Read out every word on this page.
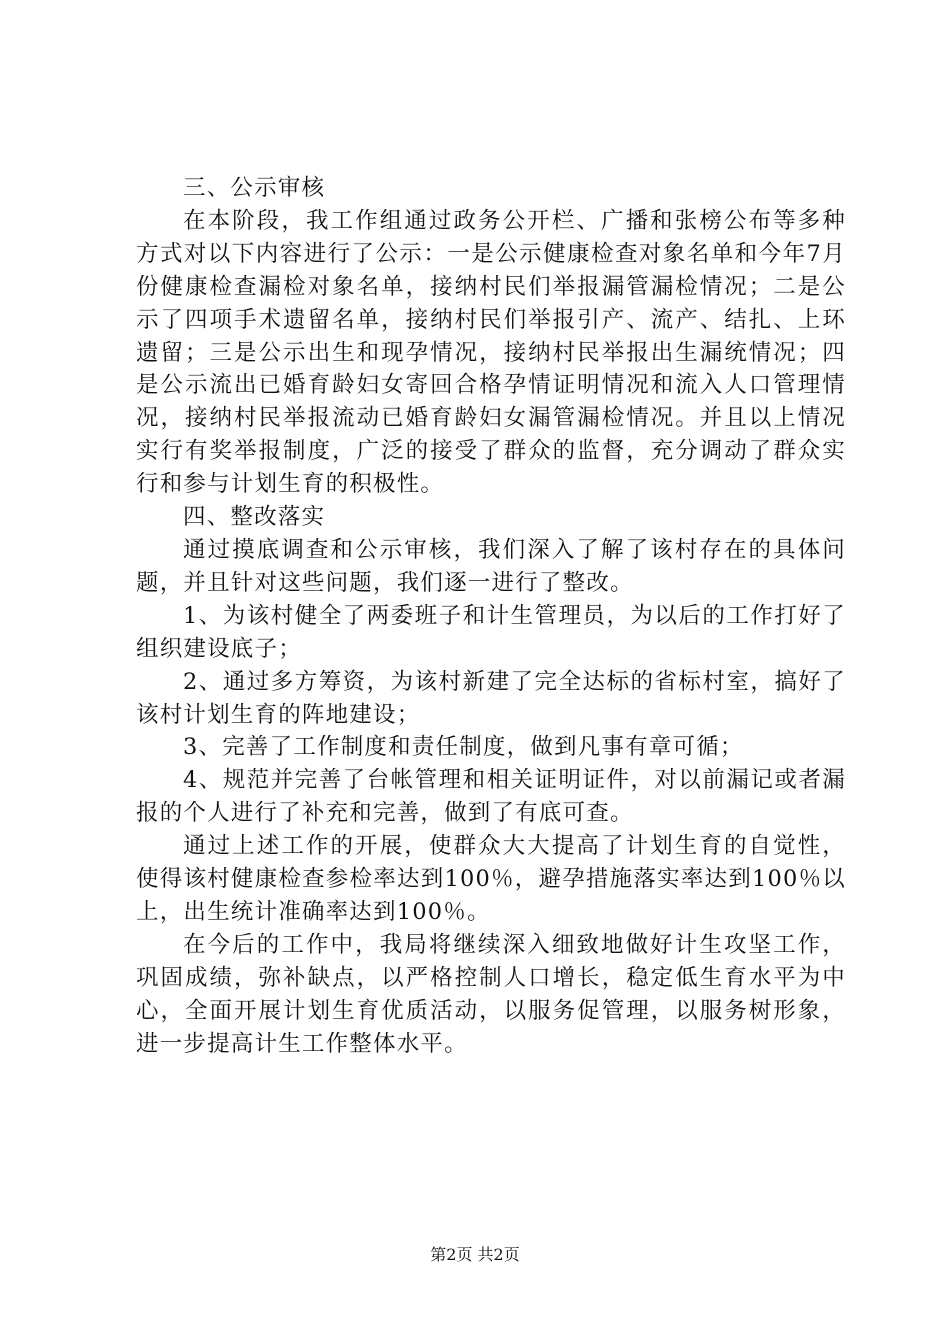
三、公示审核

在本阶段，我工作组通过政务公开栏、广播和张榜公布等多种方式对以下内容进行了公示：一是公示健康检查对象名单和今年7月份健康检查漏检对象名单，接纳村民们举报漏管漏检情况；二是公示了四项手术遗留名单，接纳村民们举报引产、流产、结扎、上环遗留；三是公示出生和现孕情况，接纳村民举报出生漏统情况；四是公示流出已婚育龄妇女寄回合格孕情证明情况和流入人口管理情况，接纳村民举报流动已婚育龄妇女漏管漏检情况。并且以上情况实行有奖举报制度，广泛的接受了群众的监督，充分调动了群众实行和参与计划生育的积极性。

四、整改落实

通过摸底调查和公示审核，我们深入了解了该村存在的具体问题，并且针对这些问题，我们逐一进行了整改。

1、为该村健全了两委班子和计生管理员，为以后的工作打好了组织建设底子；

2、通过多方筹资，为该村新建了完全达标的省标村室，搞好了该村计划生育的阵地建设；

3、完善了工作制度和责任制度，做到凡事有章可循；

4、规范并完善了台帐管理和相关证明证件，对以前漏记或者漏报的个人进行了补充和完善，做到了有底可查。

通过上述工作的开展，使群众大大提高了计划生育的自觉性，使得该村健康检查参检率达到100％，避孕措施落实率达到100％以上，出生统计准确率达到100％。

在今后的工作中，我局将继续深入细致地做好计生攻坚工作，巩固成绩，弥补缺点，以严格控制人口增长，稳定低生育水平为中心，全面开展计划生育优质活动，以服务促管理，以服务树形象，进一步提高计生工作整体水平。

第2页 共2页
